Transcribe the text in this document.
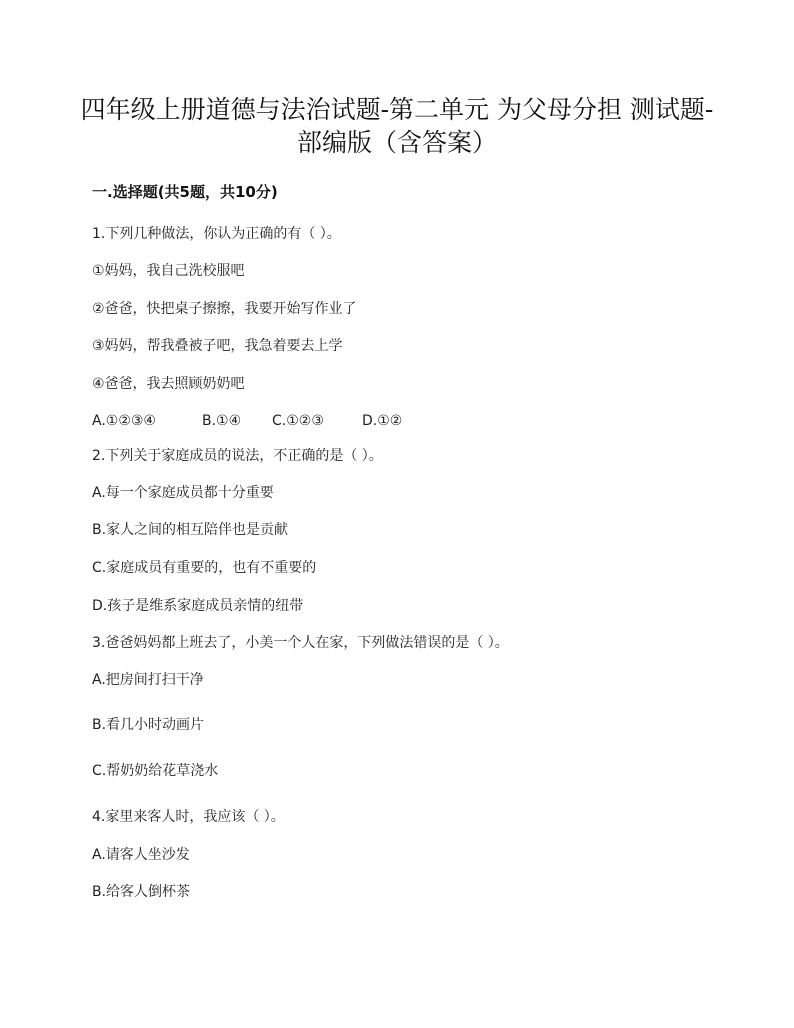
四年级上册道德与法治试题-第二单元 为父母分担 测试题-
部编版（含答案）
一.选择题(共5题，共10分)
1.下列几种做法，你认为正确的有（ ）。
①妈妈，我自己洗校服吧
②爸爸，快把桌子擦擦，我要开始写作业了
③妈妈，帮我叠被子吧，我急着要去上学
④爸爸，我去照顾奶奶吧
A.①②③④	B.①④ C.①②③	D.①②
2.下列关于家庭成员的说法，不正确的是（ ）。
A.每一个家庭成员都十分重要
B.家人之间的相互陪伴也是贡献
C.家庭成员有重要的，也有不重要的
D.孩子是维系家庭成员亲情的纽带
3.爸爸妈妈都上班去了，小美一个人在家，下列做法错误的是（ ）。
A.把房间打扫干净
B.看几小时动画片
C.帮奶奶给花草浇水
4.家里来客人时，我应该（ ）。
A.请客人坐沙发
B.给客人倒杯茶
